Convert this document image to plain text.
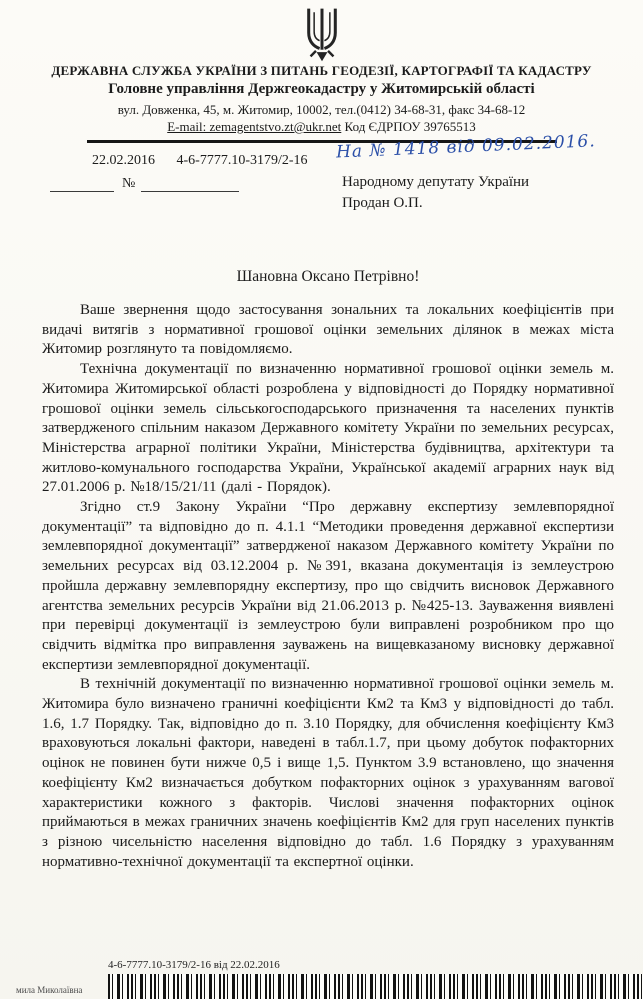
ДЕРЖАВНА СЛУЖБА УКРАЇНИ З ПИТАНЬ ГЕОДЕЗІЇ, КАРТОГРАФІЇ ТА КАДАСТРУ
Головне управління Держгеокадастру у Житомирській області
вул. Довженка, 45, м. Житомир, 10002, тел.(0412) 34-68-31, факс 34-68-12
E-mail: zemagentstvo.zt@ukr.net Код ЄДРПОУ 39765513
22.02.2016 4-6-7777.10-3179/2-16	На № 1418 від 09.02.2016.
№	Народному депутату України
Продан О.П.
Шановна Оксано Петрівно!

Ваше звернення щодо застосування зональних та локальних коефіцієнтів при видачі витягів з нормативної грошової оцінки земельних ділянок в межах міста Житомир розглянуто та повідомляємо.

Технічна документації по визначенню нормативної грошової оцінки земель м. Житомира Житомирської області розроблена у відповідності до Порядку нормативної грошової оцінки земель сільськогосподарського призначення та населених пунктів затвердженого спільним наказом Державного комітету України по земельних ресурсах, Міністерства аграрної політики України, Міністерства будівництва, архітектури та житлово-комунального господарства України, Української академії аграрних наук від 27.01.2006 р. №18/15/21/11 (далі - Порядок).

Згідно ст.9 Закону України “Про державну експертизу землевпорядної документації” та відповідно до п. 4.1.1 “Методики проведення державної експертизи землевпорядної документації” затвердженої наказом Державного комітету України по земельних ресурсах від 03.12.2004 р. №391, вказана документація із землеустрою пройшла державну землевпорядну експертизу, про що свідчить висновок Державного агентства земельних ресурсів України від 21.06.2013 р. №425-13. Зауваження виявлені при перевірці документації із землеустрою були виправлені розробником про що свідчить відмітка про виправлення зауважень на вищевказаному висновку державної експертизи землевпорядної документації.

В технічній документації по визначенню нормативної грошової оцінки земель м. Житомира було визначено граничні коефіцієнти Км2 та Км3 у відповідності до табл. 1.6, 1.7 Порядку. Так, відповідно до п. 3.10 Порядку, для обчислення коефіцієнту Км3 враховуються локальні фактори, наведені в табл.1.7, при цьому добуток пофакторних оцінок не повинен бути нижче 0,5 і вище 1,5. Пунктом 3.9 встановлено, що значення коефіцієнту Км2 визначається добутком пофакторних оцінок з урахуванням вагової характеристики кожного з факторів. Числові значення пофакторних оцінок приймаються в межах граничних значень коефіцієнтів Км2 для груп населених пунктів з різною чисельністю населення відповідно до табл. 1.6 Порядку з урахуванням нормативно-технічної документації та експертної оцінки.

4-6-7777.10-3179/2-16 від 22.02.2016
мила Миколаївна
